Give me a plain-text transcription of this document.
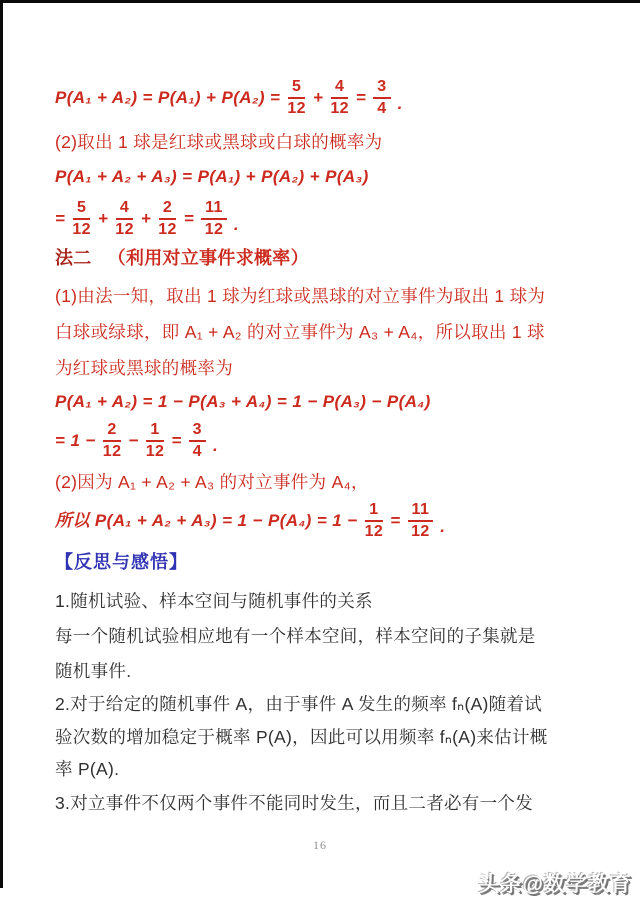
$P(A_1 + A_2) = P(A_1) + P(A_2) = \frac{5}{12} + \frac{4}{12} = \frac{3}{4}$ .
(2)取出 1 球是红球或黑球或白球的概率为
P(A₁ + A₂ + A₃) = P(A₁) + P(A₂) + P(A₃)
= $\frac{5}{12} + \frac{4}{12} + \frac{2}{12} = \frac{11}{12}$ .
法二 （利用对立事件求概率）
(1)由法一知，取出 1 球为红球或黑球的对立事件为取出 1 球为
白球或绿球，即 A₁ + A₂ 的对立事件为 A₃ + A₄，所以取出 1 球
为红球或黑球的概率为
P(A₁ + A₂) = 1 − P(A₃ + A₄) = 1 − P(A₃) − P(A₄)
= $1 - \frac{2}{12} - \frac{1}{12} = \frac{3}{4}$ .
(2)因为 A₁ + A₂ + A₃ 的对立事件为 A₄，
所以 $P(A_1 + A_2 + A_3) = 1 - P(A_4) = 1 - \frac{1}{12} = \frac{11}{12}$ .
【反思与感悟】
1.随机试验、样本空间与随机事件的关系
每一个随机试验相应地有一个样本空间，样本空间的子集就是
随机事件.
2.对于给定的随机事件 A，由于事件 A 发生的频率 fₙ(A)随着试
验次数的增加稳定于概率 P(A)，因此可以用频率 fₙ(A)来估计概
率 P(A).
3.对立事件不仅两个事件不能同时发生，而且二者必有一个发
16
头条@数学教育
